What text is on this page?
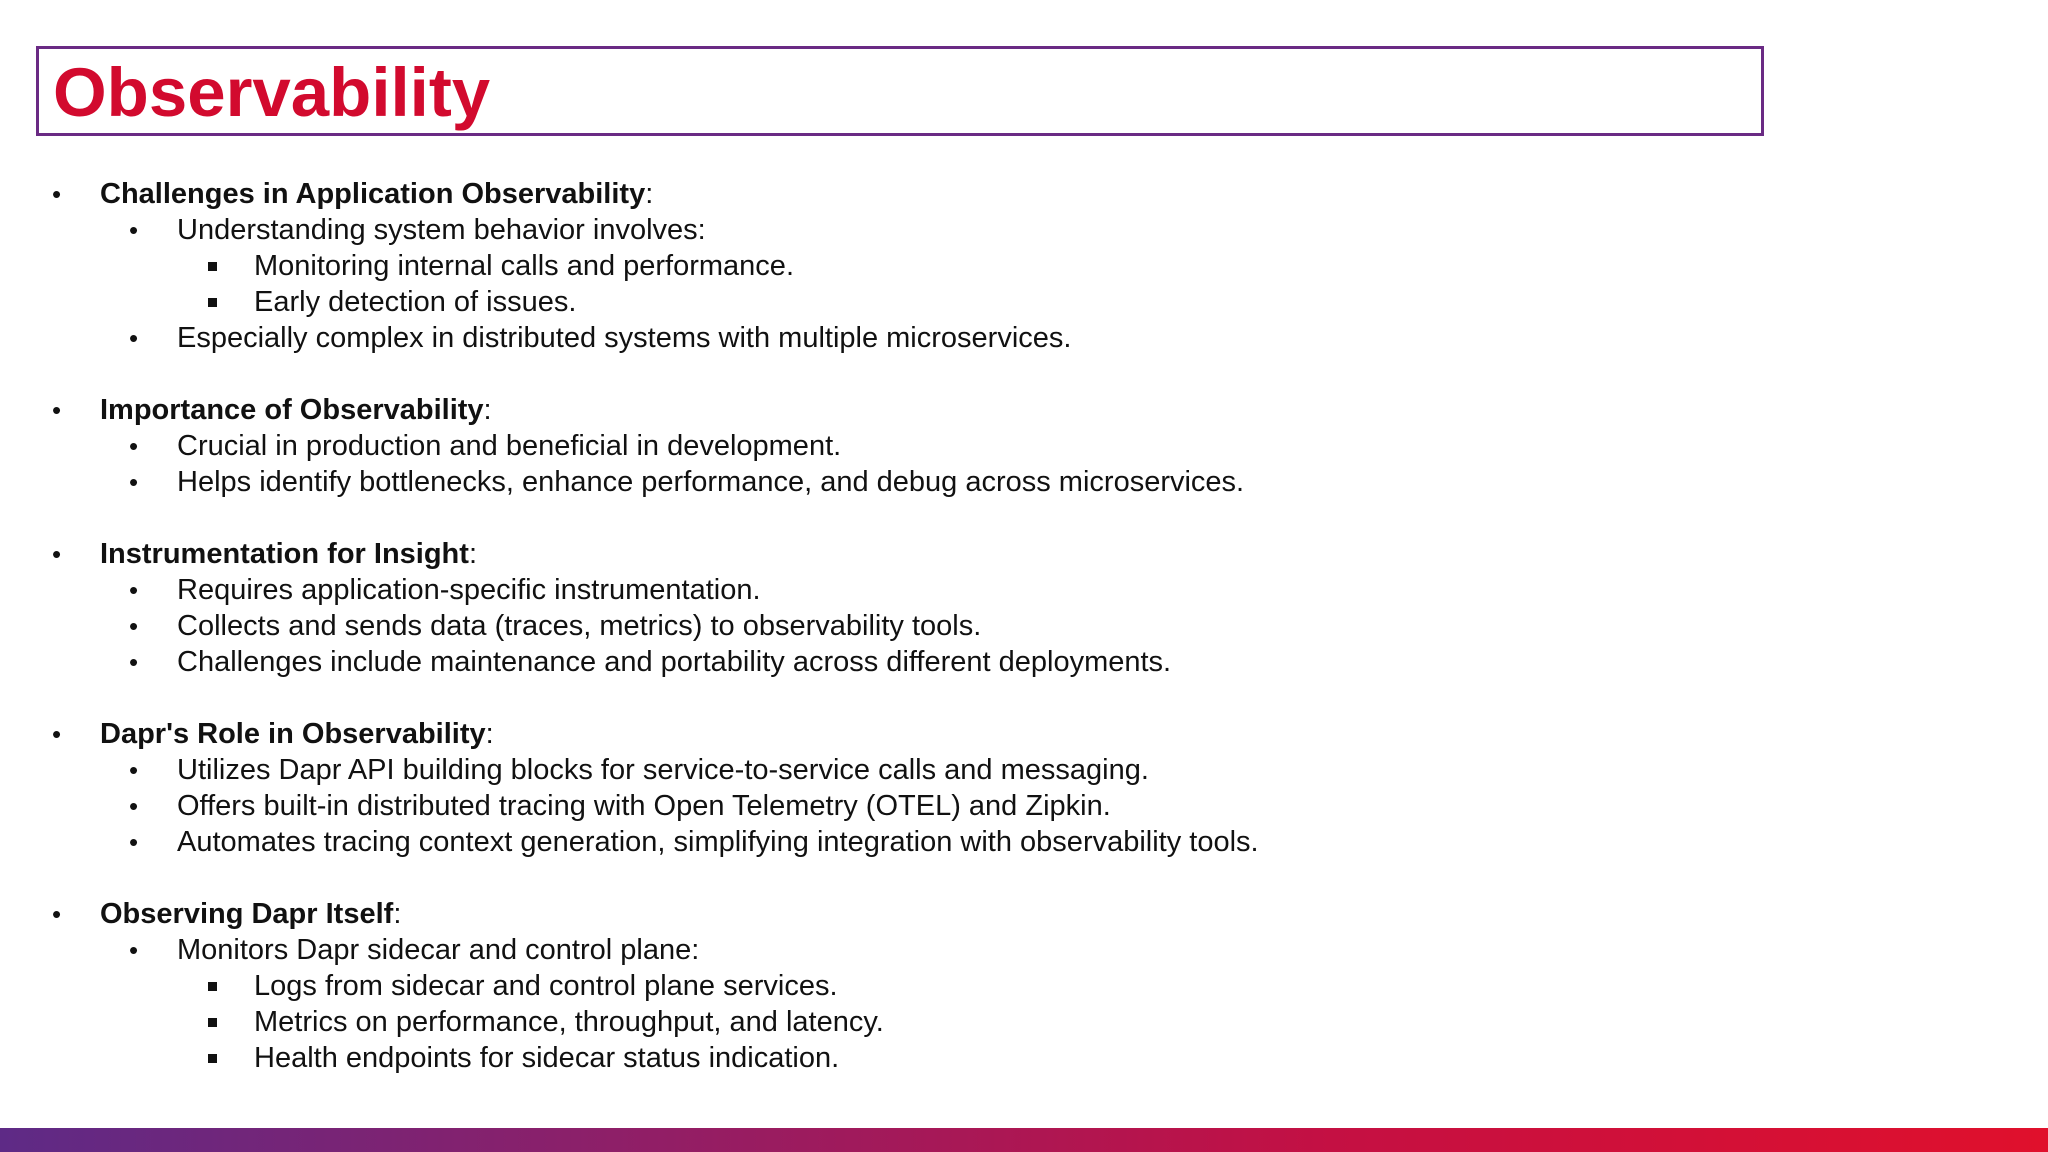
Observability
• Challenges in Application Observability:
• Understanding system behavior involves:
Monitoring internal calls and performance.
Early detection of issues.
• Especially complex in distributed systems with multiple microservices.
• Importance of Observability:
• Crucial in production and beneficial in development.
• Helps identify bottlenecks, enhance performance, and debug across microservices.
• Instrumentation for Insight:
• Requires application-specific instrumentation.
• Collects and sends data (traces, metrics) to observability tools.
• Challenges include maintenance and portability across different deployments.
• Dapr's Role in Observability:
• Utilizes Dapr API building blocks for service-to-service calls and messaging.
• Offers built-in distributed tracing with Open Telemetry (OTEL) and Zipkin.
• Automates tracing context generation, simplifying integration with observability tools.
• Observing Dapr Itself:
• Monitors Dapr sidecar and control plane:
Logs from sidecar and control plane services.
Metrics on performance, throughput, and latency.
Health endpoints for sidecar status indication.
